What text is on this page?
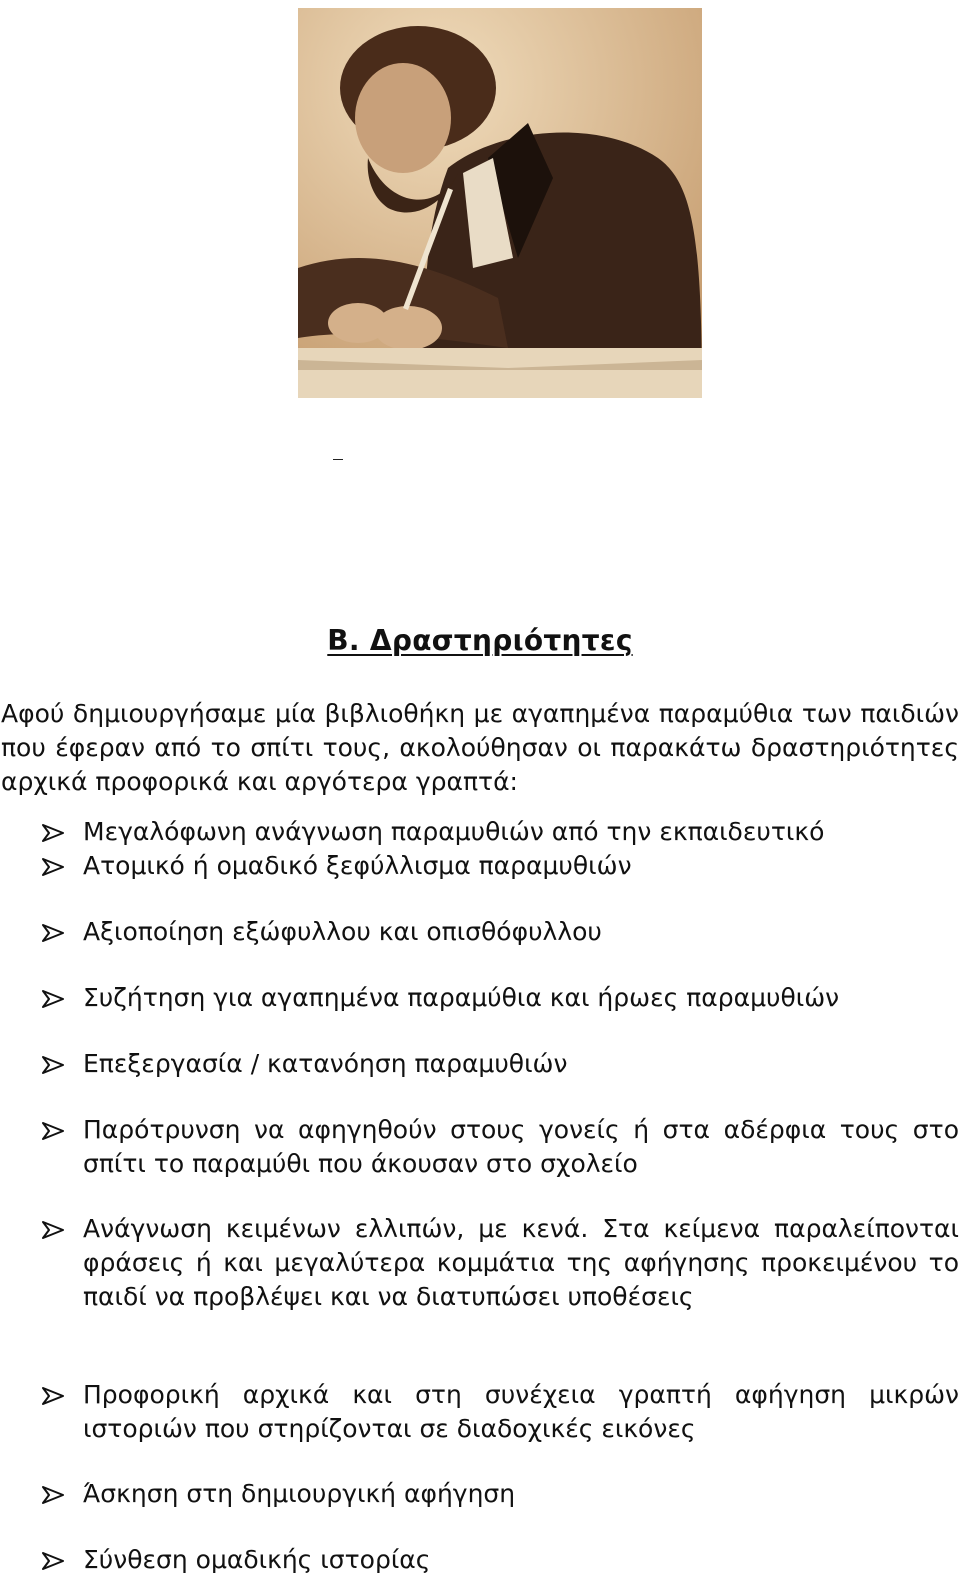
Β. Δραστηριότητες
Αφού δημιουργήσαμε μία βιβλιοθήκη με αγαπημένα παραμύθια των παιδιών που έφεραν από το σπίτι τους, ακολούθησαν οι παρακάτω δραστηριότητες αρχικά προφορικά και αργότερα γραπτά:
Μεγαλόφωνη ανάγνωση παραμυθιών από την εκπαιδευτικό
Ατομικό ή ομαδικό ξεφύλλισμα παραμυθιών
Αξιοποίηση εξώφυλλου και οπισθόφυλλου
Συζήτηση για αγαπημένα παραμύθια και ήρωες παραμυθιών
Επεξεργασία / κατανόηση παραμυθιών
Παρότρυνση να αφηγηθούν στους γονείς ή στα αδέρφια τους στο σπίτι το παραμύθι που άκουσαν στο σχολείο
Ανάγνωση κειμένων ελλιπών, με κενά. Στα κείμενα παραλείπονται φράσεις ή και μεγαλύτερα κομμάτια της αφήγησης προκειμένου το παιδί να προβλέψει και να διατυπώσει υποθέσεις
Προφορική αρχικά και στη συνέχεια γραπτή αφήγηση μικρών ιστοριών που στηρίζονται σε διαδοχικές εικόνες
Άσκηση στη δημιουργική αφήγηση
Σύνθεση ομαδικής ιστορίας
